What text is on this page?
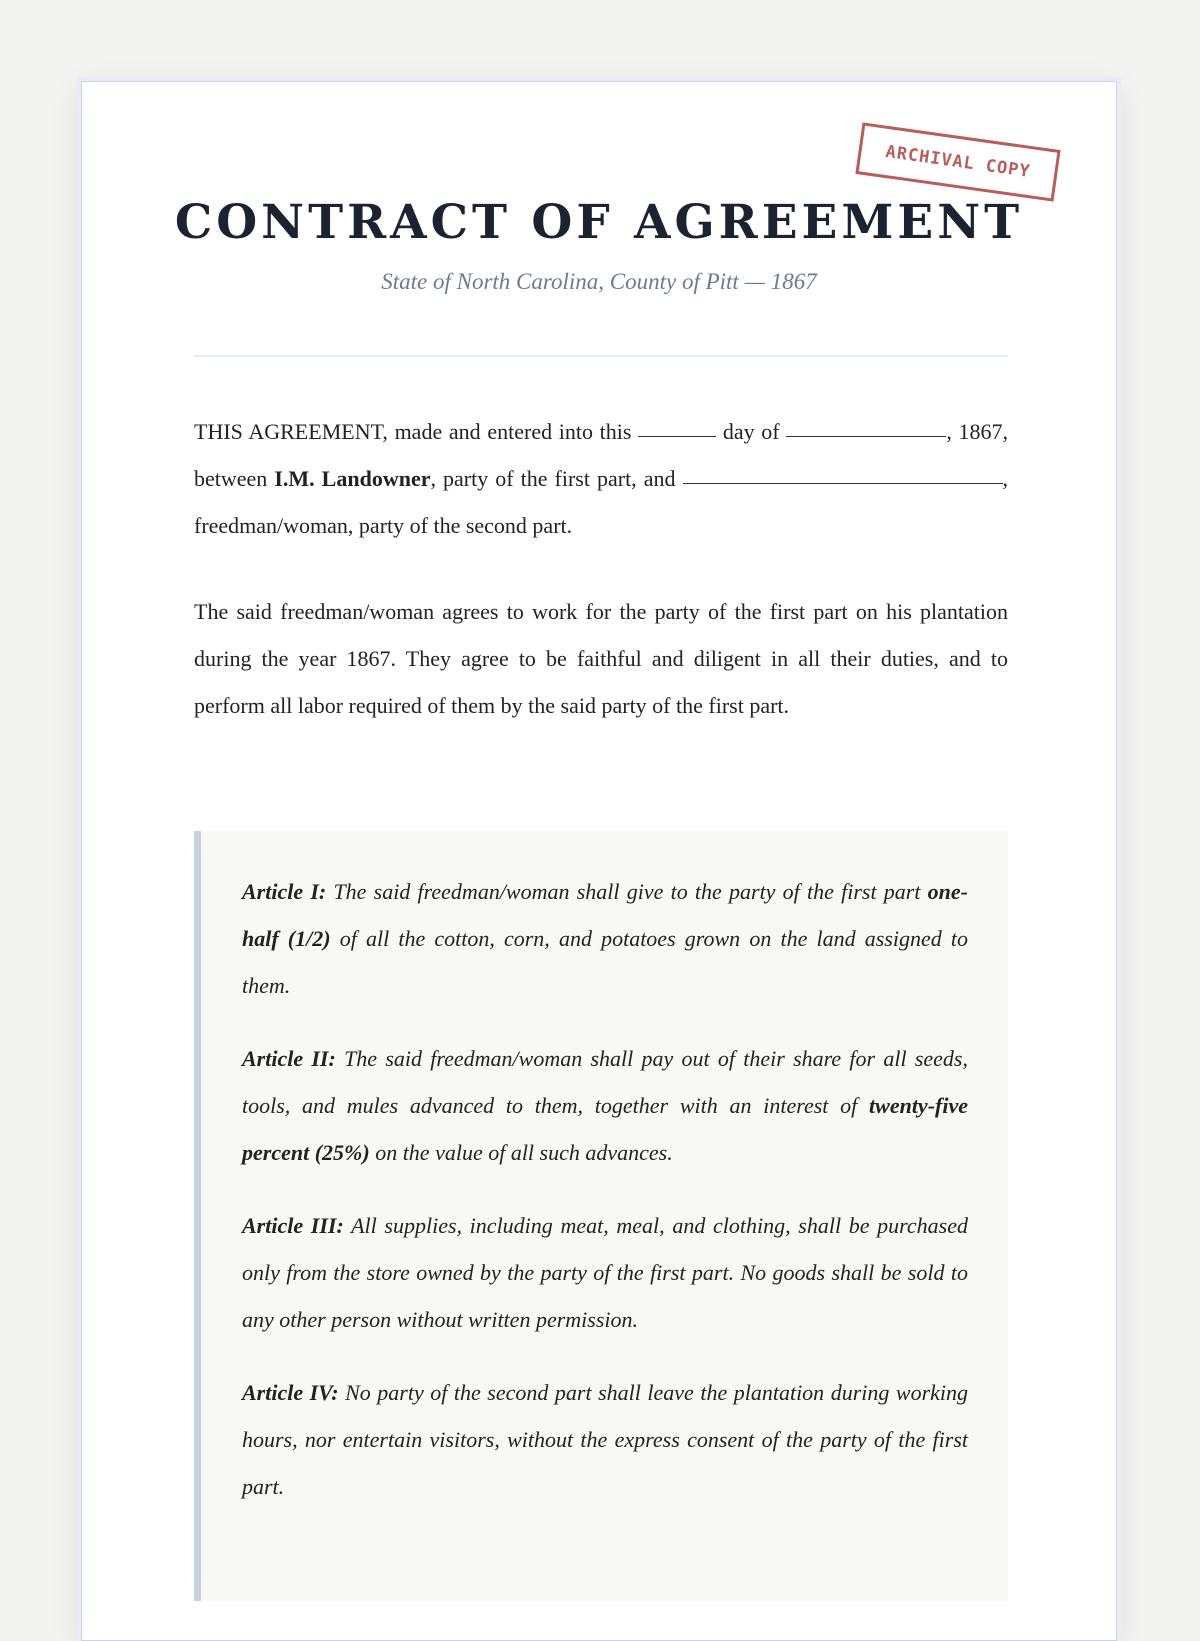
ARCHIVAL COPY
CONTRACT OF AGREEMENT

State of North Carolina, County of Pitt — 1867

THIS AGREEMENT, made and entered into this	day of	, 1867, between I.M. Landowner, party of the first part, and	, freedman/woman, party of the second part.

The said freedman/woman agrees to work for the party of the first part on his plantation during the year 1867. They agree to be faithful and diligent in all their duties, and to perform all labor required of them by the said party of the first part.

Article I: The said freedman/woman shall give to the party of the first part one-half (1/2) of all the cotton, corn, and potatoes grown on the land assigned to them.

Article II: The said freedman/woman shall pay out of their share for all seeds, tools, and mules advanced to them, together with an interest of twenty-five percent (25%) on the value of all such advances.

Article III: All supplies, including meat, meal, and clothing, shall be purchased only from the store owned by the party of the first part. No goods shall be sold to any other person without written permission.

Article IV: No party of the second part shall leave the plantation during working hours, nor entertain visitors, without the express consent of the party of the first part.
